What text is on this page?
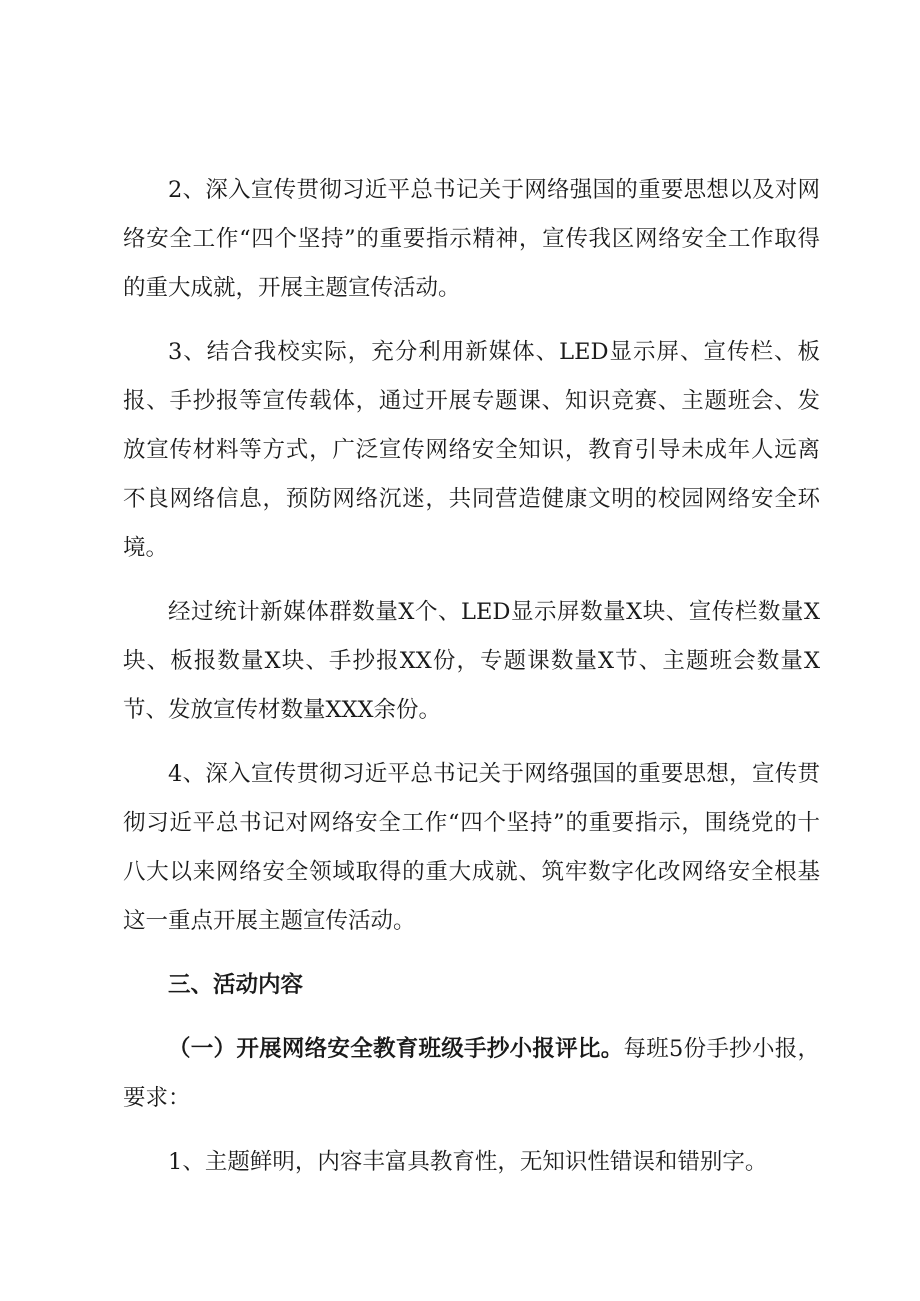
2、深入宣传贯彻习近平总书记关于网络强国的重要思想以及对网络安全工作“四个坚持”的重要指示精神，宣传我区网络安全工作取得的重大成就，开展主题宣传活动。

3、结合我校实际，充分利用新媒体、LED显示屏、宣传栏、板报、手抄报等宣传载体，通过开展专题课、知识竞赛、主题班会、发放宣传材料等方式，广泛宣传网络安全知识，教育引导未成年人远离不良网络信息，预防网络沉迷，共同营造健康文明的校园网络安全环境。

经过统计新媒体群数量X个、LED显示屏数量X块、宣传栏数量X块、板报数量X块、手抄报XX份，专题课数量X节、主题班会数量X节、发放宣传材数量XXX余份。

4、深入宣传贯彻习近平总书记关于网络强国的重要思想，宣传贯彻习近平总书记对网络安全工作“四个坚持”的重要指示，围绕党的十八大以来网络安全领域取得的重大成就、筑牢数字化改网络安全根基这一重点开展主题宣传活动。

三、活动内容

（一）开展网络安全教育班级手抄小报评比。每班5份手抄小报，要求：

1、主题鲜明，内容丰富具教育性，无知识性错误和错别字。
